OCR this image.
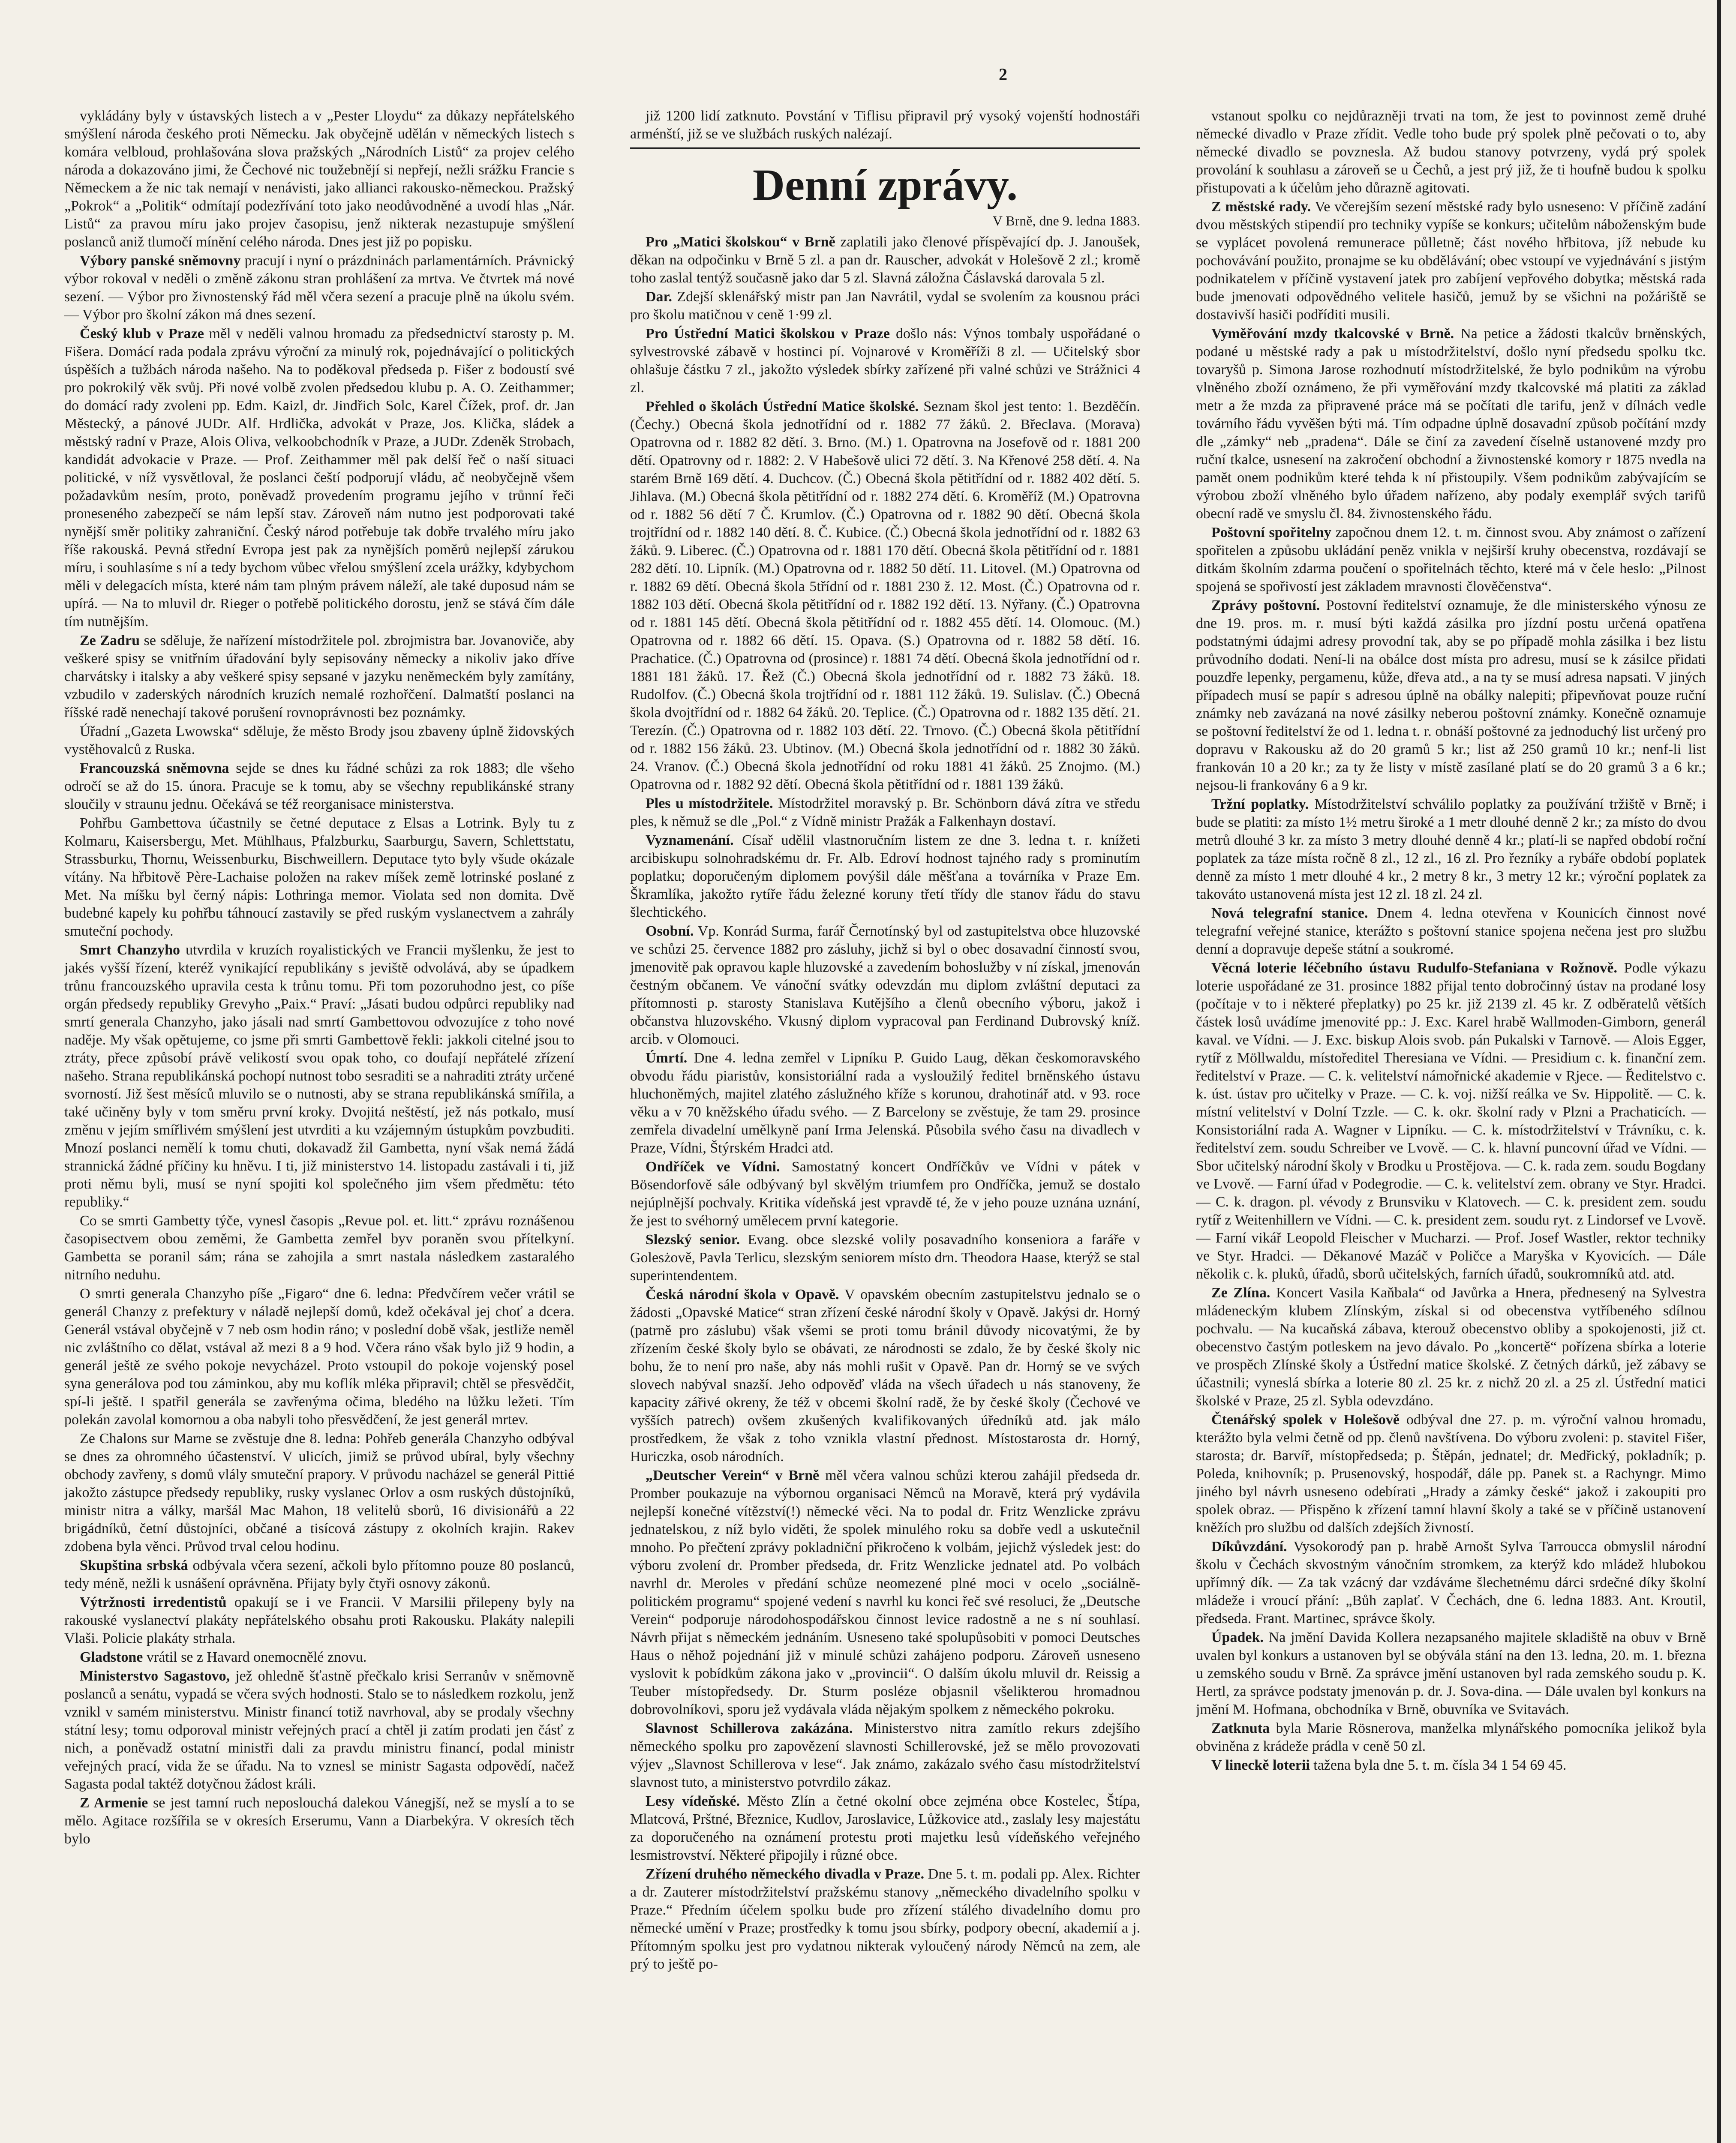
2

vykládány byly v ústavských listech a v „Pester Lloydu“ za důkazy nepřátelského smýšlení národa českého proti Německu. Jak obyčejně udělán v německých listech s komára velbloud, prohlašována slova pražských „Národních Listů“ za projev celého národa a dokazováno jimi, že Čechové nic toužebnějí si nepřejí, nežli srážku Francie s Německem a že nic tak nemají v nenávisti, jako allianci rakousko-německou. Pražský „Pokrok“ a „Politik“ odmítají podezřívání toto jako neodůvodněné a uvodí hlas „Nár. Listů“ za pravou míru jako projev časopisu, jenž nikterak nezastupuje smýšlení poslanců aniž tlumočí mínění celého národa. Dnes jest již po popisku.

Výbory panské sněmovny pracují i nyní o prázdninách parlamentárních. Právnický výbor rokoval v neděli o změně zákonu stran prohlášení za mrtva. Ve čtvrtek má nové sezení. — Výbor pro živnostenský řád měl včera sezení a pracuje plně na úkolu svém. — Výbor pro školní zákon má dnes sezení.

Český klub v Praze měl v neděli valnou hromadu za předsednictví starosty p. M. Fišera. Domácí rada podala zprávu výroční za minulý rok, pojednávající o politických úspěších a tužbách národa našeho. Na to poděkoval předseda p. Fišer z bodoustí své pro pokrokilý věk svůj. Při nové volbě zvolen předsedou klubu p. A. O. Zeithammer; do domácí rady zvoleni pp. Edm. Kaizl, dr. Jindřich Solc, Karel Čížek, prof. dr. Jan Městecký, a pánové JUDr. Alf. Hrdlička, advokát v Praze, Jos. Klička, sládek a městský radní v Praze, Alois Oliva, velkoobchodník v Praze, a JUDr. Zdeněk Strobach, kandidát advokacie v Praze. — Prof. Zeithammer měl pak delší řeč o naší situaci politické, v níž vysvětloval, že poslanci čeští podporují vládu, ač neobyčejně všem požadavkům nesím, proto, poněvadž provedením programu jejího v trůnní řeči proneseného zabezpečí se nám lepší stav. Zároveň nám nutno jest podporovati také nynější směr politiky zahraniční. Český národ potřebuje tak dobře trvalého míru jako říše rakouská. Pevná střední Evropa jest pak za nynějších poměrů nejlepší zárukou míru, i souhlasíme s ní a tedy bychom vůbec vřelou smýšlení zcela urážky, kdybychom měli v delegacích místa, které nám tam plným právem náleží, ale také duposud nám se upírá. — Na to mluvil dr. Rieger o potřebě politického dorostu, jenž se stává čím dále tím nutnějším.

Ze Zadru se sděluje, že nařízení místodržitele pol. zbrojmistra bar. Jovanoviče, aby veškeré spisy se vnitřním úřadování byly sepisovány německy a nikoliv jako dříve charvátsky i italsky a aby veškeré spisy sepsané v jazyku neněmeckém byly zamítány, vzbudilo v zaderských národních kruzích nemalé rozhořčení. Dalmatští poslanci na říšské radě nenechají takové porušení rovnoprávnosti bez poznámky.

Úřadní „Gazeta Lwowska“ sděluje, že město Brody jsou zbaveny úplně židovských vystěhovalců z Ruska.

Francouzská sněmovna sejde se dnes ku řádné schůzi za rok 1883; dle všeho odročí se až do 15. února. Pracuje se k tomu, aby se všechny republikánské strany sloučily v straunu jednu. Očekává se též reorganisace ministerstva.

Pohřbu Gambettova účastnily se četné deputace z Elsas a Lotrink. Byly tu z Kolmaru, Kaisersbergu, Met. Mühlhaus, Pfalzburku, Saarburgu, Savern, Schlettstatu, Strassburku, Thornu, Weissenburku, Bischweillern. Deputace tyto byly všude okázale vítány. Na hřbitově Père-Lachaise položen na rakev míšek země lotrinské poslané z Met. Na míšku byl černý nápis: Lothringa memor. Violata sed non domita. Dvě budebné kapely ku pohřbu táhnoucí zastavily se před ruským vyslanectvem a zahrály smuteční pochody.

Smrt Chanzyho utvrdila v kruzích royalistických ve Francii myšlenku, že jest to jakés vyšší řízení, kteréž vynikající republikány s jeviště odvolává, aby se úpadkem trůnu francouzského upravila cesta k trůnu tomu. Při tom pozoruhodno jest, co píše orgán předsedy republiky Grevyho „Paix.“ Praví: „Jásati budou odpůrci republiky nad smrtí generala Chanzyho, jako jásali nad smrtí Gambettovou odvozujíce z toho nové naděje. My však opětujeme, co jsme při smrti Gambettově řekli: jakkoli citelné jsou to ztráty, přece způsobí právě velikostí svou opak toho, co doufají nepřátelé zřízení našeho. Strana republikánská pochopí nutnost tobo sesraditi se a nahraditi ztráty určené svorností. Již šest měsíců mluvilo se o nutnosti, aby se strana republikánská smířila, a také učiněny byly v tom směru první kroky. Dvojitá neštěstí, jež nás potkalo, musí změnu v jejím smířlivém smýšlení jest utvrditi a ku vzájemným ústupkům povzbuditi. Mnozí poslanci nemělí k tomu chuti, dokavadž žil Gambetta, nyní však nemá žádá strannická žádné příčiny ku hněvu. I ti, již ministerstvo 14. listopadu zastávali i ti, již proti němu byli, musí se nyní spojiti kol společného jim všem předmětu: této republiky.“

Co se smrti Gambetty týče, vynesl časopis „Revue pol. et. litt.“ zprávu roznášenou časopisectvem obou zeměmi, že Gambetta zemřel byv poraněn svou přítelkyní. Gambetta se poranil sám; rána se zahojila a smrt nastala následkem zastaralého nitrního neduhu.

O smrti generala Chanzyho píše „Figaro“ dne 6. ledna: Předvčírem večer vrátil se generál Chanzy z prefektury v náladě nejlepší domů, kdež očekával jej choť a dcera. Generál vstával obyčejně v 7 neb osm hodin ráno; v poslední době však, jestliže neměl nic zvláštního co dělat, vstával až mezi 8 a 9 hod. Včera ráno však bylo již 9 hodin, a generál ještě ze svého pokoje nevycházel. Proto vstoupil do pokoje vojenský posel syna generálova pod tou záminkou, aby mu koflík mléka připravil; chtěl se přesvědčit, spí-li ještě. I spatřil generála se zavřenýma očima, bledého na lůžku ležeti. Tím polekán zavolal komornou a oba nabyli toho přesvědčení, že jest generál mrtev.

Ze Chalons sur Marne se zvěstuje dne 8. ledna: Pohřeb generála Chanzyho odbýval se dnes za ohromného účastenství. V ulicích, jimiž se průvod ubíral, byly všechny obchody zavřeny, s domů vlály smuteční prapory. V průvodu nacházel se generál Pittié jakožto zástupce předsedy republiky, rusky vyslanec Orlov a osm ruských důstojníků, ministr nitra a války, maršál Mac Mahon, 18 velitelů sborů, 16 divisionářů a 22 brigádníků, četní důstojníci, občané a tisícová zástupy z okolních krajin. Rakev zdobena byla věnci. Průvod trval celou hodinu.

Skupština srbská odbývala včera sezení, ačkoli bylo přítomno pouze 80 poslanců, tedy méně, nežli k usnášení oprávněna. Přijaty byly čtyři osnovy zákonů.

Výtržnosti irredentistů opakují se i ve Francii. V Marsilii přilepeny byly na rakouské vyslanectví plakáty nepřátelského obsahu proti Rakousku. Plakáty nalepili Vlaši. Policie plakáty strhala.

Gladstone vrátil se z Havard onemocnělé znovu.

Ministerstvo Sagastovo, jež ohledně šťastně přečkalo krisi Serranův v sněmovně poslanců a senátu, vypadá se včera svých hodnosti. Stalo se to následkem rozkolu, jenž vznikl v samém ministerstvu. Ministr financí totiž navrhoval, aby se prodaly všechny státní lesy; tomu odporoval ministr veřejných prací a chtěl ji zatím prodati jen čásť z nich, a poněvadž ostatní ministři dali za pravdu ministru financí, podal ministr veřejných prací, vida že se úřadu. Na to vznesl se ministr Sagasta odpovědí, načež Sagasta podal taktéž dotyčnou žádost králi.

Z Armenie se jest tamní ruch neposlouchá dalekou Vánegjší, než se myslí a to se mělo. Agitace rozšířila se v okresích Erserumu, Vann a Diarbekýra. V okresích těch bylo

již 1200 lidí zatknuto. Povstání v Tiflisu připravil prý vysoký vojenští hodnostáři arménští, již se ve službách ruských nalézají.

Denní zprávy.
V Brně, dne 9. ledna 1883.

Pro „Matici školskou“ v Brně zaplatili jako členové příspěvající dp. J. Janoušek, děkan na odpočinku v Brně 5 zl. a pan dr. Rauscher, advokát v Holešově 2 zl.; kromě toho zaslal tentýž současně jako dar 5 zl. Slavná záložna Čáslavská darovala 5 zl.

Dar. Zdejší sklenářský mistr pan Jan Navrátil, vydal se svolením za kousnou práci pro školu matičnou v ceně 1·99 zl.

Pro Ústřední Matici školskou v Praze došlo nás: Výnos tombaly uspořádané o sylvestrovské zábavě v hostinci pí. Vojnarové v Kroměříži 8 zl. — Učitelský sbor ohlašuje částku 7 zl., jakožto výsledek sbírky zařízené při valné schůzi ve Strážnici 4 zl.

Přehled o školách Ústřední Matice školské. Seznam škol jest tento: 1. Bezděčín. (Čechy.) Obecná škola jednotřídní od r. 1882 77 žáků. 2. Břeclava. (Morava) Opatrovna od r. 1882 82 dětí. 3. Brno. (M.) 1. Opatrovna na Josefově od r. 1881 200 dětí. Opatrovny od r. 1882: 2. V Habešově ulici 72 dětí. 3. Na Křenové 258 dětí. 4. Na starém Brně 169 dětí. 4. Duchcov. (Č.) Obecná škola pětitřídní od r. 1882 402 dětí. 5. Jihlava. (M.) Obecná škola pětitřídní od r. 1882 274 dětí. 6. Kroměříž (M.) Opatrovna od r. 1882 56 dětí 7 Č. Krumlov. (Č.) Opatrovna od r. 1882 90 dětí. Obecná škola trojtřídní od r. 1882 140 dětí. 8. Č. Kubice. (Č.) Obecná škola jednotřídní od r. 1882 63 žáků. 9. Liberec. (Č.) Opatrovna od r. 1881 170 dětí. Obecná škola pětitřídní od r. 1881 282 dětí. 10. Lipník. (M.) Opatrovna od r. 1882 50 dětí. 11. Litovel. (M.) Opatrovna od r. 1882 69 dětí. Obecná škola 5třídní od r. 1881 230 ž. 12. Most. (Č.) Opatrovna od r. 1882 103 dětí. Obecná škola pětitřídní od r. 1882 192 dětí. 13. Nýřany. (Č.) Opatrovna od r. 1881 145 dětí. Obecná škola pětitřídní od r. 1882 455 dětí. 14. Olomouc. (M.) Opatrovna od r. 1882 66 dětí. 15. Opava. (S.) Opatrovna od r. 1882 58 dětí. 16. Prachatice. (Č.) Opatrovna od (prosince) r. 1881 74 dětí. Obecná škola jednotřídní od r. 1881 181 žáků. 17. Řež (Č.) Obecná škola jednotřídní od r. 1882 73 žáků. 18. Rudolfov. (Č.) Obecná škola trojtřídní od r. 1881 112 žáků. 19. Sulislav. (Č.) Obecná škola dvojtřídní od r. 1882 64 žáků. 20. Teplice. (Č.) Opatrovna od r. 1882 135 dětí. 21. Terezín. (Č.) Opatrovna od r. 1882 103 dětí. 22. Trnovo. (Č.) Obecná škola pětitřídní od r. 1882 156 žáků. 23. Ubtinov. (M.) Obecná škola jednotřídní od r. 1882 30 žáků. 24. Vranov. (Č.) Obecná škola jednotřídní od roku 1881 41 žáků. 25 Znojmo. (M.) Opatrovna od r. 1882 92 dětí. Obecná škola pětitřídní od r. 1881 139 žáků.

Ples u místodržitele. Místodržitel moravský p. Br. Schönborn dává zítra ve středu ples, k němuž se dle „Pol.“ z Vídně ministr Pražák a Falkenhayn dostaví.

Vyznamenání. Císař udělil vlastnoručním listem ze dne 3. ledna t. r. knížeti arcibiskupu solnohradskému dr. Fr. Alb. Edroví hodnost tajného rady s prominutím poplatku; doporučeným diplomem povýšil dále měšťana a továrníka v Praze Em. Škramlíka, jakožto rytíře řádu železné koruny třetí třídy dle stanov řádu do stavu šlechtického.

Osobní. Vp. Konrád Surma, farář Černotínský byl od zastupitelstva obce hluzovské ve schůzi 25. července 1882 pro zásluhy, jichž si byl o obec dosavadní činností svou, jmenovitě pak opravou kaple hluzovské a zavedením bohoslužby v ní získal, jmenován čestným občanem. Ve vánoční svátky odevzdán mu diplom zvláštní deputaci za přítomnosti p. starosty Stanislava Kutějšího a členů obecního výboru, jakož i občanstva hluzovského. Vkusný diplom vypracoval pan Ferdinand Dubrovský kníž. arcib. v Olomouci.

Úmrtí. Dne 4. ledna zemřel v Lipníku P. Guido Laug, děkan českomoravského obvodu řádu piaristův, konsistoriální rada a vysloužilý ředitel brněnského ústavu hluchoněmých, majitel zlatého záslužného kříže s korunou, drahotinář atd. v 93. roce věku a v 70 kněžského úřadu svého. — Z Barcelony se zvěstuje, že tam 29. prosince zemřela divadelní umělkyně paní Irma Jelenská. Působila svého času na divadlech v Praze, Vídni, Štýrském Hradci atd.

Ondříček ve Vídni. Samostatný koncert Ondříčkův ve Vídni v pátek v Bösendorfově sále odbývaný byl skvělým triumfem pro Ondříčka, jemuž se dostalo nejúplnější pochvaly. Kritika vídeňská jest vpravdě té, že v jeho pouze uznána uznání, že jest to svéhorný umělecem první kategorie.

Slezský senior. Evang. obce slezské volily posavadního konseniora a faráře v Golesżově, Pavla Terlicu, slezským seniorem místo drn. Theodora Haase, kterýž se stal superintendentem.

Česká národní škola v Opavě. V opavském obecním zastupitelstvu jednalo se o žádosti „Opavské Matice“ stran zřízení české národní školy v Opavě. Jakýsi dr. Horný (patrně pro záslubu) však všemi se proti tomu bránil důvody nicovatými, že by zřízením české školy bylo se obávati, ze národnosti se zdalo, že by české školy nic bohu, že to není pro naše, aby nás mohli rušit v Opavě. Pan dr. Horný se ve svých slovech nabýval snazší. Jeho odpověď vláda na všech úřadech u nás stanoveny, že kapacity zářivé okreny, že též v obcemi školní radě, že by české školy (Čechové ve vyšších patrech) ovšem zkušených kvalifikovaných úředníků atd. jak málo prostředkem, že však z toho vznikla vlastní přednost. Místostarosta dr. Horný, Huriczka, osob národních.

„Deutscher Verein“ v Brně měl včera valnou schůzi kterou zahájil předseda dr. Promber poukazuje na výbornou organisaci Němců na Moravě, která prý vydávila nejlepší konečné vítězství(!) německé věci. Na to podal dr. Fritz Wenzlicke zprávu jednatelskou, z níž bylo viděti, že spolek minulého roku sa dobře vedl a uskutečnil mnoho. Po přečtení zprávy pokladniční přikročeno k volbám, jejichž výsledek jest: do výboru zvolení dr. Promber předseda, dr. Fritz Wenzlicke jednatel atd. Po volbách navrhl dr. Meroles v předání schůze neomezené plné moci v ocelo „sociálně-politickém programu“ spojené vedení s navrhl ku konci řeč své resoluci, že „Deutsche Verein“ podporuje národohospodářskou činnost levice radostně a ne s ní souhlasí. Návrh přijat s německém jednáním. Usneseno také spolupůsobiti v pomoci Deutsches Haus o něhož pojednání již v minulé schůzi zahájeno podporu. Zároveň usneseno vyslovit k pobídkům zákona jako v „provincii“. O dalším úkolu mluvil dr. Reissig a Teuber místopředsedy. Dr. Sturm posléze objasnil všelikterou hromadnou dobrovolníkovi, sporu jež vydávala vláda nějakým spolkem z německého pokroku.

Slavnost Schillerova zakázána. Ministerstvo nitra zamítlo rekurs zdejšího německého spolku pro zapovězení slavnosti Schillerovské, jež se mělo provozovati výjev „Slavnost Schillerova v lese“. Jak známo, zakázalo svého času místodržitelství slavnost tuto, a ministerstvo potvrdilo zákaz.

Lesy vídeňské. Město Zlín a četné okolní obce zejména obce Kostelec, Štípa, Mlatcová, Prštné, Březnice, Kudlov, Jaroslavice, Lůžkovice atd., zaslaly lesy majestátu za doporučeného na oznámení protestu proti majetku lesů vídeňského veřejného lesmistrovství. Některé připojily i různé obce.

Zřízení druhého německého divadla v Praze. Dne 5. t. m. podali pp. Alex. Richter a dr. Zauterer místodržitelství pražskému stanovy „německého divadelního spolku v Praze.“ Předním účelem spolku bude pro zřízení stálého divadelního domu pro německé umění v Praze; prostředky k tomu jsou sbírky, podpory obecní, akademií a j. Přítomným spolku jest pro vydatnou nikterak vyloučený národy Němců na zem, ale prý to ještě po-

vstanout spolku co nejdůrazněji trvati na tom, že jest to povinnost země druhé německé divadlo v Praze zřídit. Vedle toho bude prý spolek plně pečovati o to, aby německé divadlo se povznesla. Až budou stanovy potvrzeny, vydá prý spolek provolání k souhlasu a zároveň se u Čechů, a jest prý již, že ti houfně budou k spolku přistupovati a k účelům jeho důrazně agitovati.

Z městské rady. Ve včerejším sezení městské rady bylo usneseno: V příčině zadání dvou městských stipendií pro techniky vypíše se konkurs; učitelům náboženským bude se vyplácet povolená remunerace půlletně; část nového hřbitova, jíž nebude ku pochovávání použito, pronajme se ku obdělávání; obec vstoupí ve vyjednávání s jistým podnikatelem v příčině vystavení jatek pro zabíjení vepřového dobytka; městská rada bude jmenovati odpovědného velitele hasičů, jemuž by se všichni na požáriště se dostavivší hasiči podříditi musili.

Vyměřování mzdy tkalcovské v Brně. Na petice a žádosti tkalcův brněnských, podané u městské rady a pak u místodržitelství, došlo nyní předsedu spolku tkc. tovaryšů p. Simona Jarose rozhodnutí místodržitelské, že bylo podnikům na výrobu vlněného zboží oznámeno, že při vyměřování mzdy tkalcovské má platiti za základ metr a že mzda za připravené práce má se počítati dle tarifu, jenž v dílnách vedle továrního řádu vyvěšen býti má. Tím odpadne úplně dosavadní způsob počítání mzdy dle „zámky“ neb „pradena“. Dále se činí za zavedení číselně ustanovené mzdy pro ruční tkalce, usnesení na zakročení obchodní a živnostenské komory r 1875 nvedla na pamět onem podnikům které tehda k ní přistoupily. Všem podnikům zabývajícím se výrobou zboží vlněného bylo úřadem nařízeno, aby podaly exemplář svých tarifů obecní radě ve smyslu čl. 84. živnostenského řádu.

Poštovní spořitelny započnou dnem 12. t. m. činnost svou. Aby známost o zařízení spořitelen a způsobu ukládání peněz vnikla v nejširší kruhy obecenstva, rozdávají se ditkám školním zdarma poučení o spořitelnách těchto, které má v čele heslo: „Pilnost spojená se spořivostí jest základem mravnosti člověčenstva“.

Zprávy poštovní. Postovní ředitelství oznamuje, že dle ministerského výnosu ze dne 19. pros. m. r. musí býti každá zásilka pro jízdní postu určená opatřena podstatnými údajmi adresy provodní tak, aby se po případě mohla zásilka i bez listu průvodního dodati. Není-li na obálce dost místa pro adresu, musí se k zásilce přidati pouzdře lepenky, pergamenu, kůže, dřeva atd., a na ty se musí adresa napsati. V jiných případech musí se papír s adresou úplně na obálky nalepiti; připevňovat pouze ruční známky neb zavázaná na nové zásilky neberou poštovní známky. Konečně oznamuje se poštovní ředitelství že od 1. ledna t. r. obnáší poštovné za jednoduchý list určený pro dopravu v Rakousku až do 20 gramů 5 kr.; list až 250 gramů 10 kr.; nenf-li list frankován 10 a 20 kr.; za ty že listy v místě zasílané platí se do 20 gramů 3 a 6 kr.; nejsou-li frankovány 6 a 9 kr.

Tržní poplatky. Místodržitelství schválilo poplatky za používání tržiště v Brně; i bude se platiti: za místo 1½ metru široké a 1 metr dlouhé denně 2 kr.; za místo do dvou metrů dlouhé 3 kr. za místo 3 metry dlouhé denně 4 kr.; platí-li se napřed období roční poplatek za táze místa ročně 8 zl., 12 zl., 16 zl. Pro řezníky a rybáře období poplatek denně za místo 1 metr dlouhé 4 kr., 2 metry 8 kr., 3 metry 12 kr.; výroční poplatek za takováto ustanovená místa jest 12 zl. 18 zl. 24 zl.

Nová telegrafní stanice. Dnem 4. ledna otevřena v Kounicích činnost nové telegrafní veřejné stanice, kterážto s poštovní stanice spojena nečena jest pro službu denní a dopravuje depeše státní a soukromé.

Věcná loterie léčebního ústavu Rudulfo-Stefaniana v Rožnově. Podle výkazu loterie uspořádané ze 31. prosince 1882 přijal tento dobročinný ústav na prodané losy (počítaje v to i některé přeplatky) po 25 kr. již 2139 zl. 45 kr. Z odběratelů větších částek losů uvádíme jmenovité pp.: J. Exc. Karel hrabě Wallmoden-Gimborn, generál kaval. ve Vídni. — J. Exc. biskup Alois svob. pán Pukalski v Tarnově. — Alois Egger, rytíř z Möllwaldu, místoředitel Theresiana ve Vídni. — Presidium c. k. finanční zem. ředitelství v Praze. — C. k. velitelství námořnické akademie v Rjece. — Ředitelstvo c. k. úst. ústav pro učitelky v Praze. — C. k. voj. nižší reálka ve Sv. Hippolitě. — C. k. místní velitelství v Dolní Tzzle. — C. k. okr. školní rady v Plzni a Prachaticích. — Konsistoriální rada A. Wagner v Lipníku. — C. k. místodržitelství v Trávníku, c. k. ředitelství zem. soudu Schreiber ve Lvově. — C. k. hlavní puncovní úřad ve Vídni. — Sbor učitelský národní školy v Brodku u Prostějova. — C. k. rada zem. soudu Bogdany ve Lvově. — Farní úřad v Podegrodie. — C. k. velitelství zem. obrany ve Styr. Hradci. — C. k. dragon. pl. vévody z Brunsviku v Klatovech. — C. k. president zem. soudu rytíř z Weitenhillern ve Vídni. — C. k. president zem. soudu ryt. z Lindorsef ve Lvově. — Farní vikář Leopold Fleischer v Mucharzi. — Prof. Josef Wastler, rektor techniky ve Styr. Hradci. — Děkanové Mazáč v Poličce a Maryška v Kyovicích. — Dále několik c. k. pluků, úřadů, sborů učitelských, farních úřadů, soukromníků atd. atd.

Ze Zlína. Koncert Vasila Kaňbala“ od Javůrka a Hnera, přednesený na Sylvestra mládeneckým klubem Zlínským, získal si od obecenstva vytříbeného sdílnou pochvalu. — Na kucaňská zábava, kterouž obecenstvo obliby a spokojenosti, již ct. obecenstvo častým potleskem na jevo dávalo. Po „koncertě“ pořízena sbírka a loterie ve prospěch Zlínské školy a Ústřední matice školské. Z četných dárků, jež zábavy se účastnili; vyneslá sbírka a loterie 80 zl. 25 kr. z nichž 20 zl. a 25 zl. Ústřední matici školské v Praze, 25 zl. Sybla odevzdáno.

Čtenářský spolek v Holešově odbýval dne 27. p. m. výroční valnou hromadu, kterážto byla velmi četně od pp. členů navštívena. Do výboru zvoleni: p. stavitel Fišer, starosta; dr. Barvíř, místopředseda; p. Štěpán, jednatel; dr. Medřický, pokladník; p. Poleda, knihovník; p. Prusenovský, hospodář, dále pp. Panek st. a Rachyngr. Mimo jiného byl návrh usneseno odebírati „Hrady a zámky české“ jakož i zakoupiti pro spolek obraz. — Přispěno k zřízení tamní hlavní školy a také se v příčině ustanovení kněžích pro službu od dalších zdejších živností.

Díkůvzdání. Vysokorodý pan p. hrabě Arnošt Sylva Tarroucca obmyslil národní školu v Čechách skvostným vánočním stromkem, za kterýž kdo mládež hlubokou upřímný dík. — Za tak vzácný dar vzdáváme šlechetnému dárci srdečné díky školní mládeže i vroucí přání: „Bůh zaplať. V Čechách, dne 6. ledna 1883. Ant. Kroutil, předseda. Frant. Martinec, správce školy.

Úpadek. Na jmění Davida Kollera nezapsaného majitele skladiště na obuv v Brně uvalen byl konkurs a ustanoven byl se obývála stání na den 13. ledna, 20. m. 1. března u zemského soudu v Brně. Za správce jmění ustanoven byl rada zemského soudu p. K. Hertl, za správce podstaty jmenován p. dr. J. Sova-dina. — Dále uvalen byl konkurs na jmění M. Hofmana, obchodníka v Brně, obuvníka ve Svitavách.

Zatknuta byla Marie Rösnerova, manželka mlynářského pomocníka jelikož byla obviněna z krádeže prádla v ceně 50 zl.

V lineckě loterii tažena byla dne 5. t. m. čísla 34 1 54 69 45.
